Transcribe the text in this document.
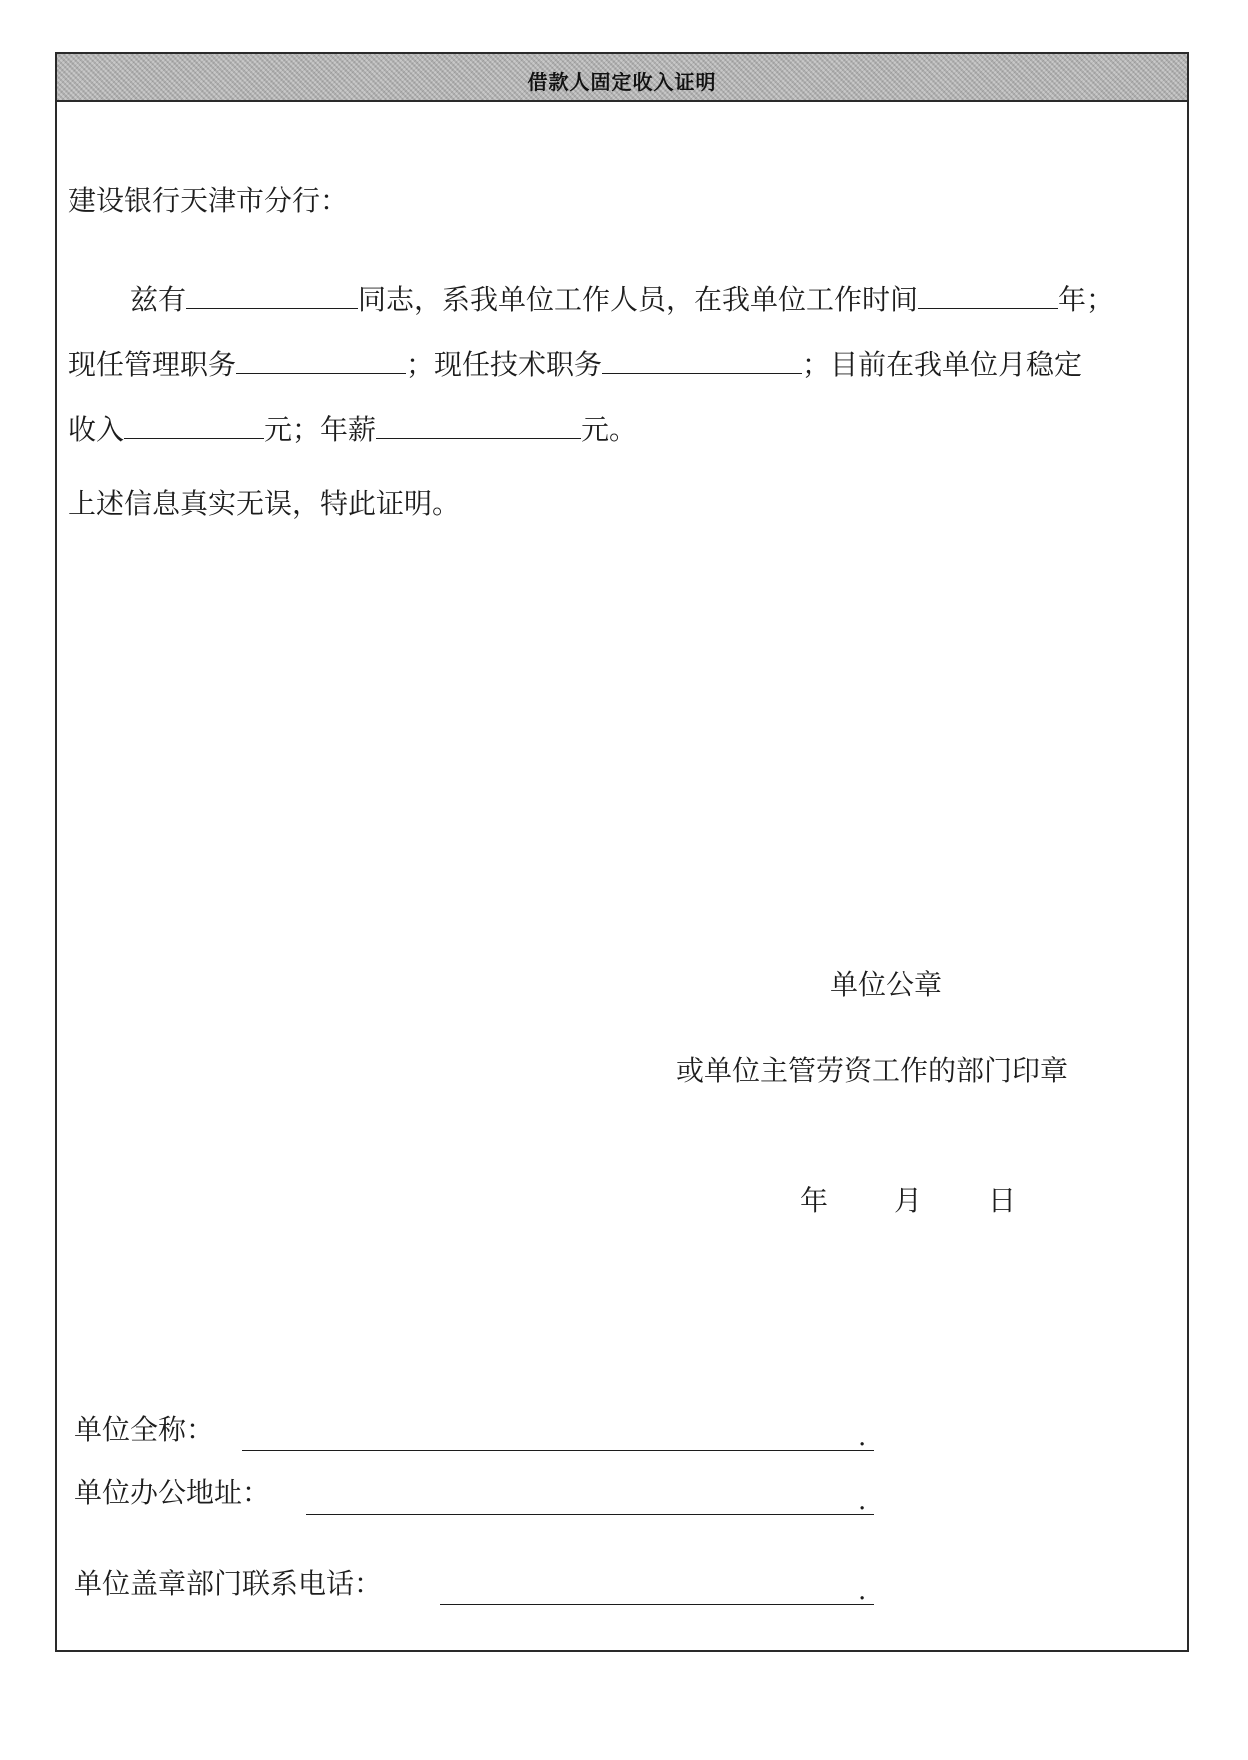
借款人固定收入证明
建设银行天津市分行：
兹有	同志，系我单位工作人员，在我单位工作时间	年；
现任管理职务	；现任技术职务	；目前在我单位月稳定
收入	元；年薪	元。
上述信息真实无误，特此证明。
单位公章
或单位主管劳资工作的部门印章
年 月 日
单位全称：	.
单位办公地址：	.
单位盖章部门联系电话：	.
